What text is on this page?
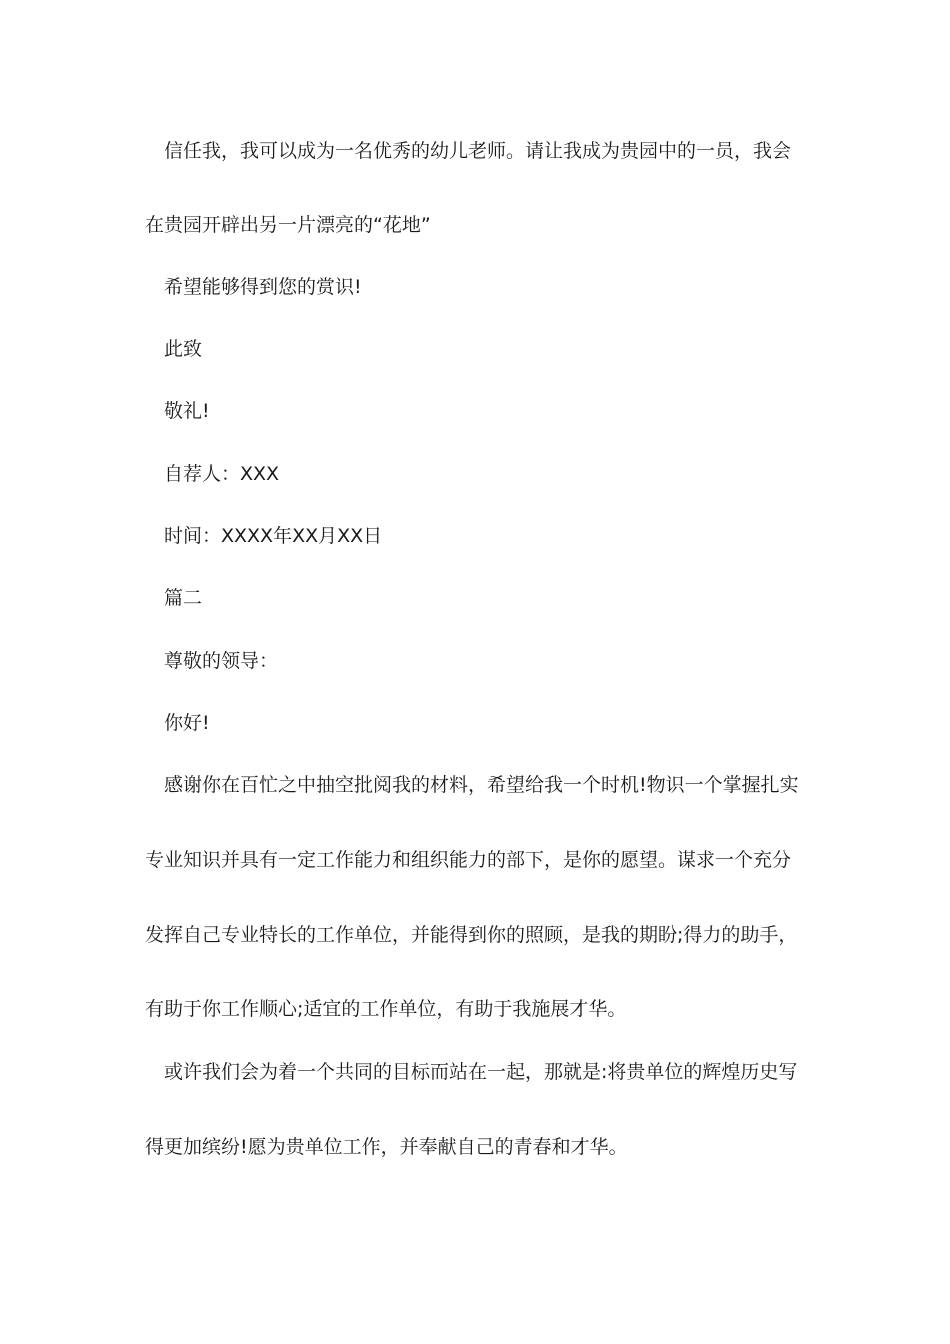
信任我，我可以成为一名优秀的幼儿老师。请让我成为贵园中的一员，我会
在贵园开辟出另一片漂亮的“花地”
希望能够得到您的赏识!
此致
敬礼!
自荐人：XXX
时间：XXXX年XX月XX日
篇二
尊敬的领导：
你好!
感谢你在百忙之中抽空批阅我的材料，希望给我一个时机!物识一个掌握扎实
专业知识并具有一定工作能力和组织能力的部下，是你的愿望。谋求一个充分
发挥自己专业特长的工作单位，并能得到你的照顾，是我的期盼;得力的助手，
有助于你工作顺心;适宜的工作单位，有助于我施展才华。
或许我们会为着一个共同的目标而站在一起，那就是:将贵单位的辉煌历史写
得更加缤纷!愿为贵单位工作，并奉献自己的青春和才华。
